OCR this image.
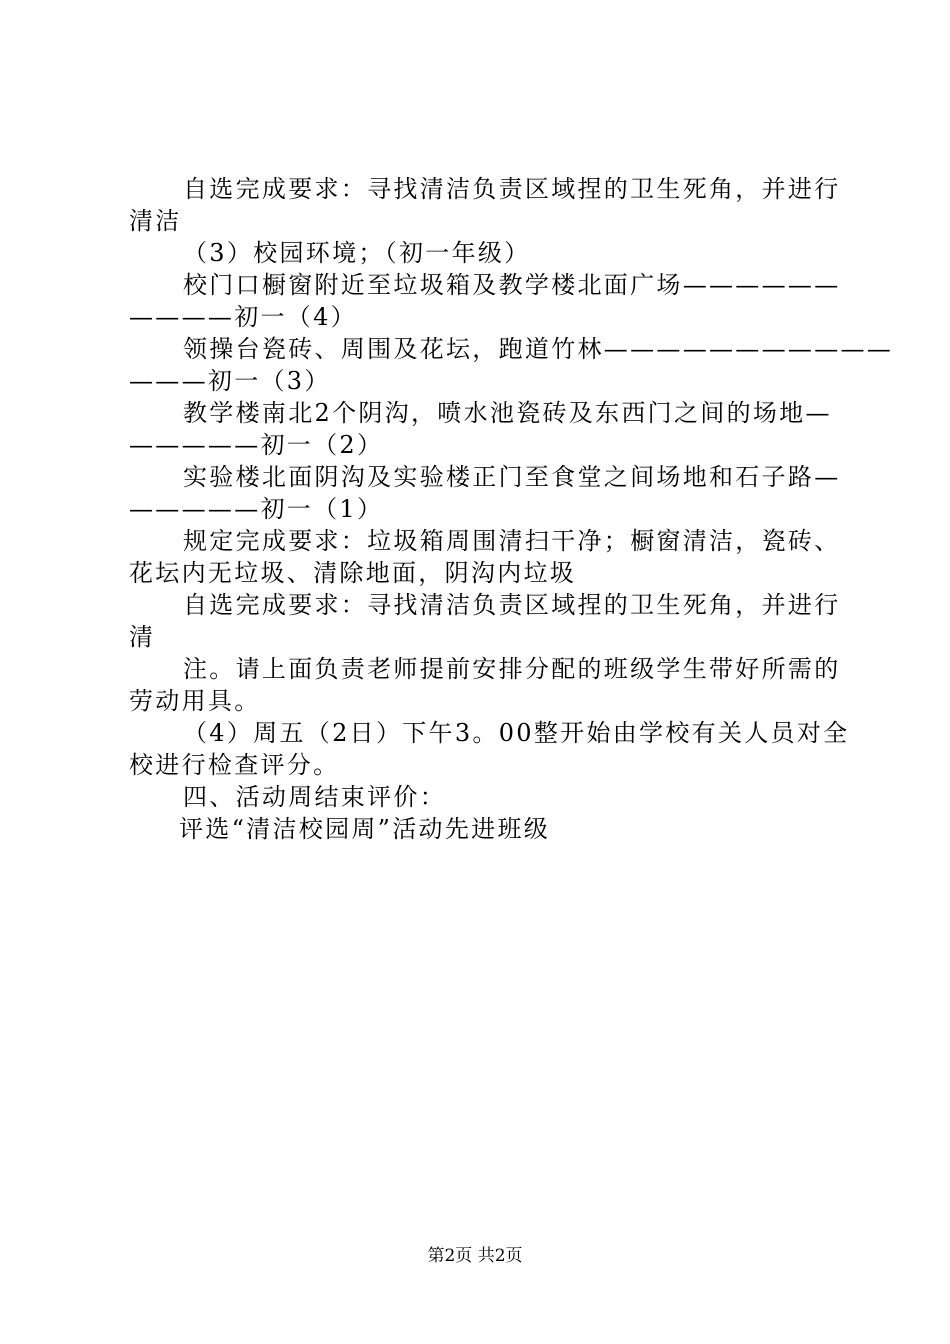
自选完成要求：寻找清洁负责区域捏的卫生死角，并进行
清洁
（3）校园环境；（初一年级）
校门口橱窗附近至垃圾箱及教学楼北面广场——————
————初一（4）
领操台瓷砖、周围及花坛，跑道竹林———————————
———初一（3）
教学楼南北2个阴沟，喷水池瓷砖及东西门之间的场地—
—————初一（2）
实验楼北面阴沟及实验楼正门至食堂之间场地和石子路—
—————初一（1）
规定完成要求：垃圾箱周围清扫干净；橱窗清洁，瓷砖、
花坛内无垃圾、清除地面，阴沟内垃圾
自选完成要求：寻找清洁负责区域捏的卫生死角，并进行
清
注。请上面负责老师提前安排分配的班级学生带好所需的
劳动用具。
（4）周五（2日）下午3。00整开始由学校有关人员对全
校进行检查评分。
四、活动周结束评价：
评选“清洁校园周”活动先进班级
第2页 共2页
